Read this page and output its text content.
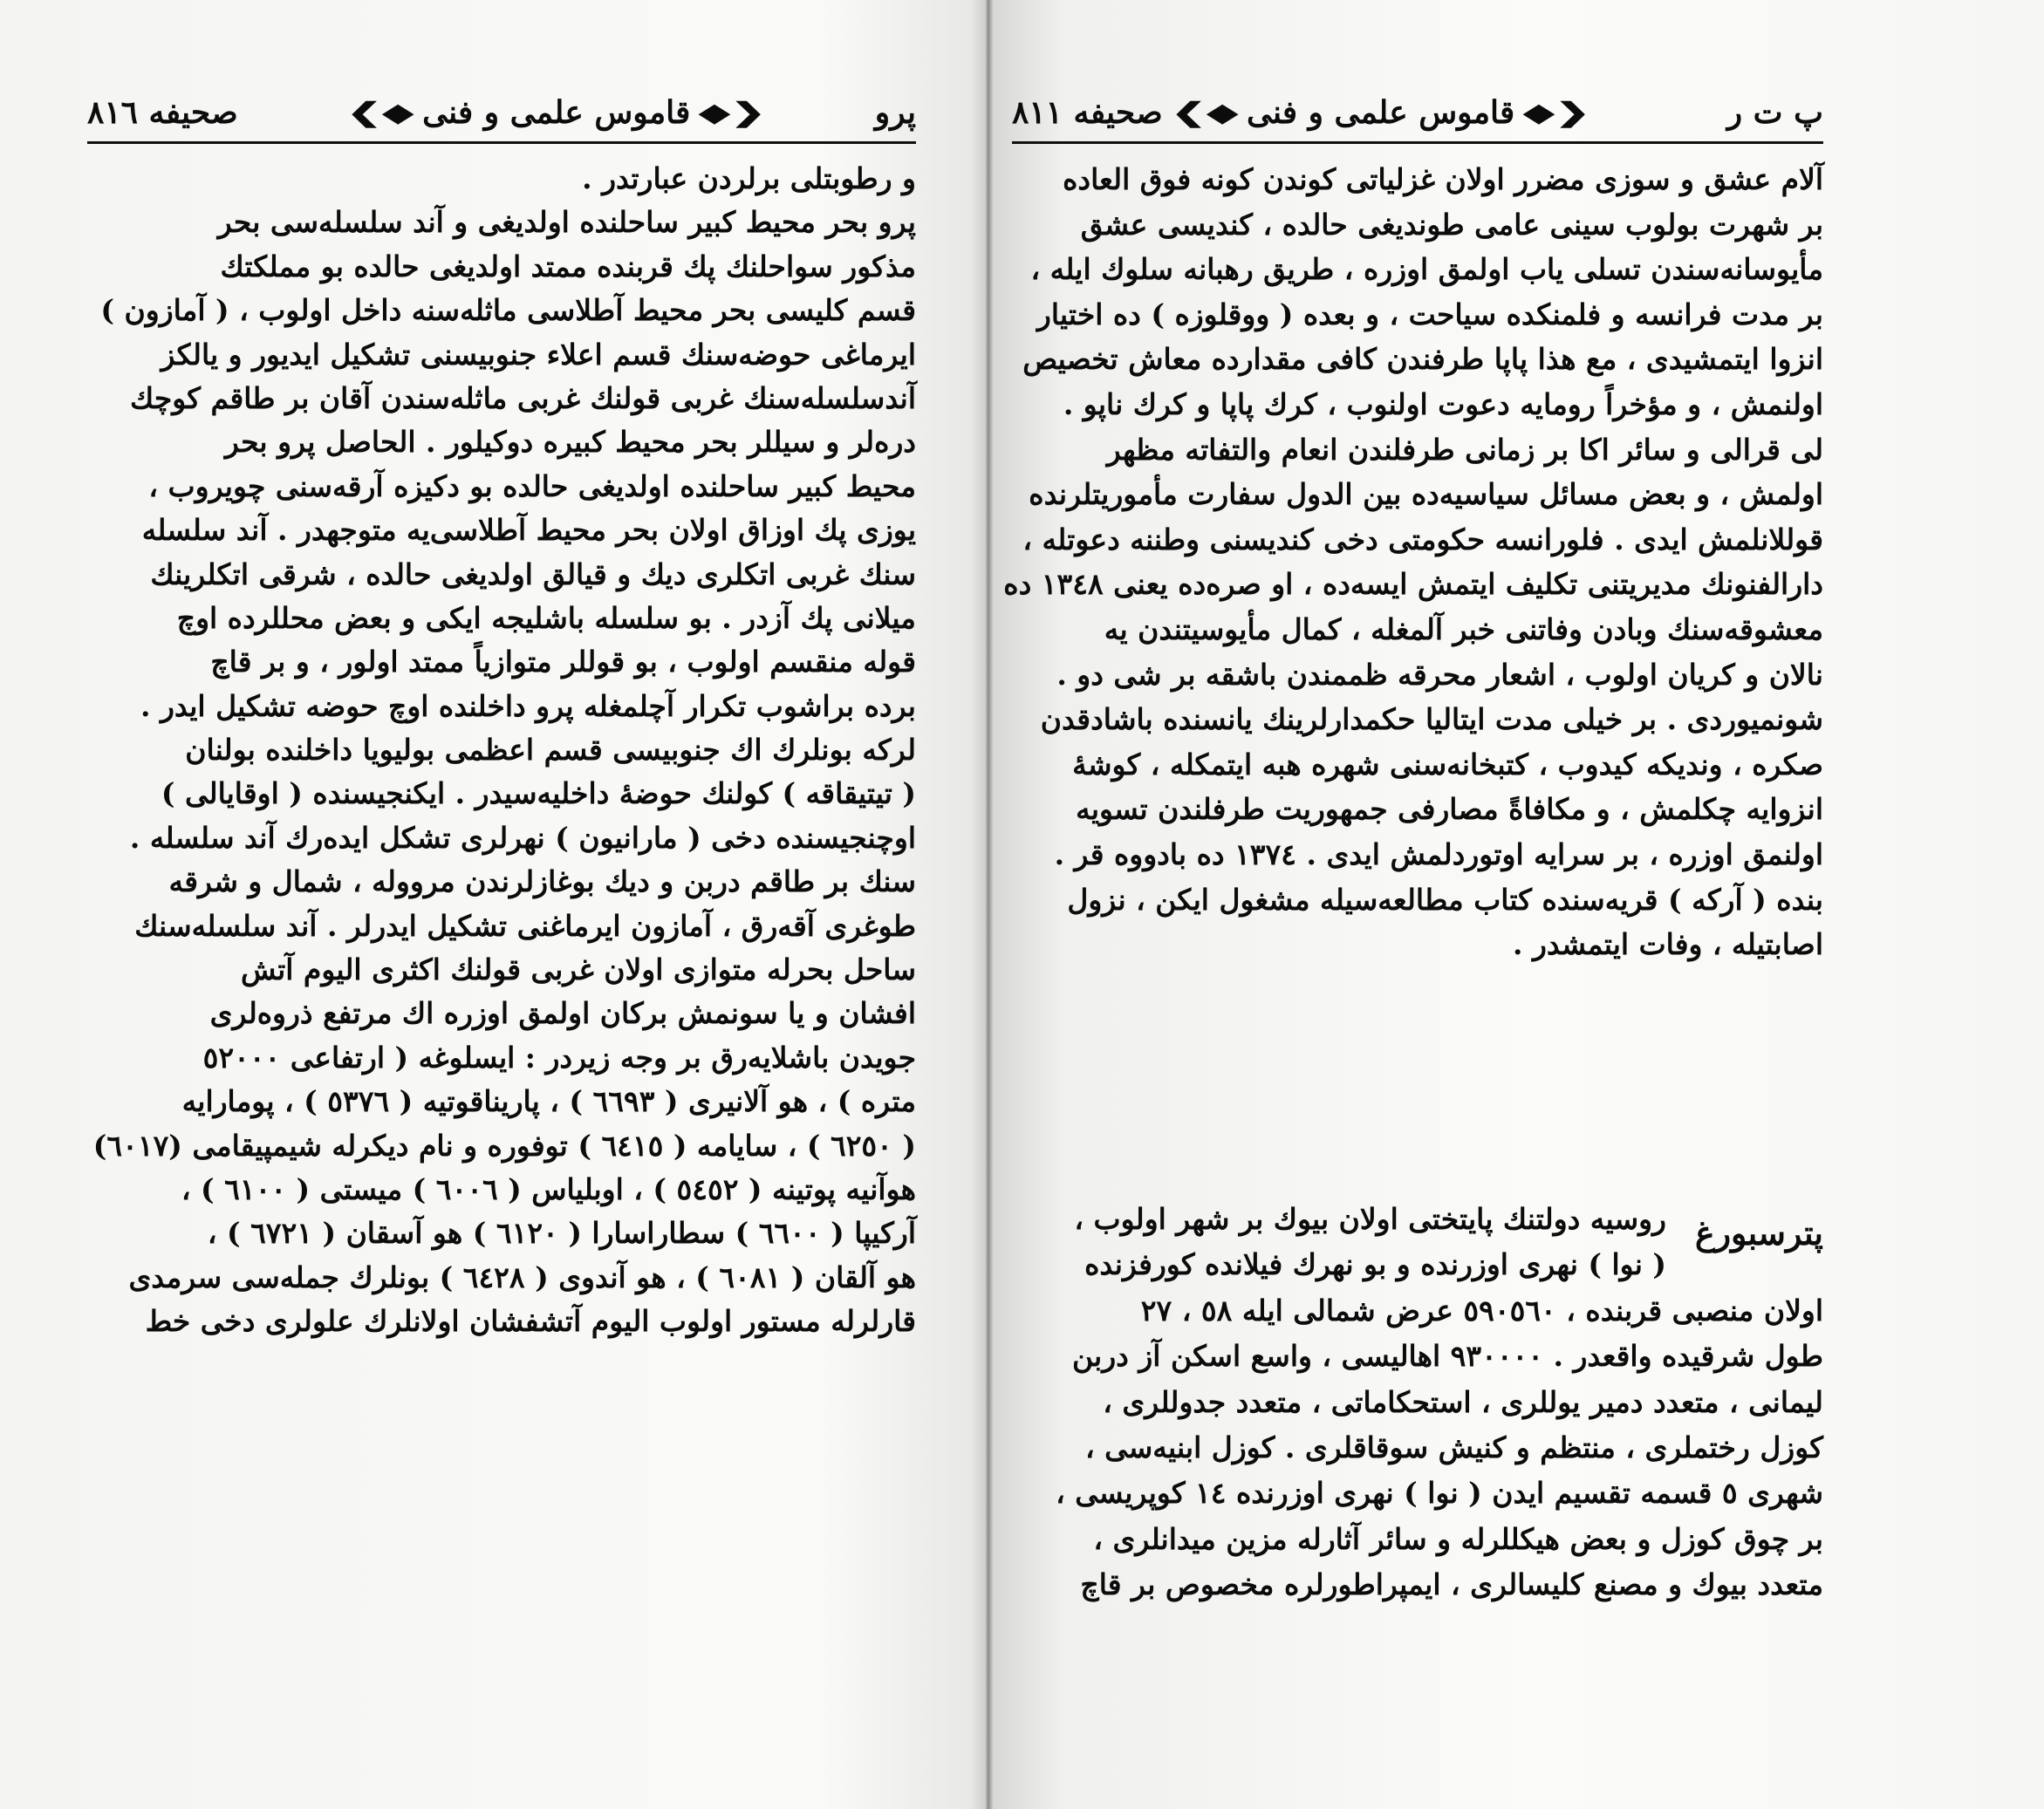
پرو
❮◆
قاموس علمی و فنی
◆❯
صحیفه ٨١٦
و رطوبتلی برلردن عبارتدر .
پرو بحر محیط کبیر ساحلنده اولدیغی و آند سلسله‌سی بحر
مذکور سواحلنك پك قربنده ممتد اولدیغی حالده بو مملکتك
قسم کلیسی بحر محیط آطلاسی ماثله‌سنه داخل اولوب ، ( آمازون )
ایرماغی حوضه‌سنك قسم اعلاء جنوبیسنی تشکیل ایدیور و یالکز
آندسلسله‌سنك غربی قولنك غربی ماثله‌سندن آقان بر طاقم کوچك
درەلر و سیللر بحر محیط کبیره دوکیلور . الحاصل پرو بحر
محیط کبیر ساحلنده اولدیغی حالده بو دکیزه آرقه‌سنی چویروب ،
یوزی پك اوزاق اولان بحر محیط آطلاسی‌یه متوجهدر . آند سلسله
سنك غربی اتکلری دیك و قیالق اولدیغی حالده ، شرقی اتکلرینك
میلانی پك آزدر . بو سلسله باشلیجه ایکی و بعض محللرده اوچ
قوله منقسم اولوب ، بو قوللر متوازیاً ممتد اولور ، و بر قاچ
برده براشوب تکرار آچلمغله پرو داخلنده اوچ حوضه تشکیل ایدر .
لرکه بونلرك اك جنوبیسی قسم اعظمی بولیویا داخلنده بولنان
( تیتیقاقه ) کولنك حوضهٔ داخلیه‌سیدر . ایکنجیسنده ( اوقایالی )
اوچنجیسنده دخی ( مارانیون ) نهرلری تشکل ایدەرك آند سلسله .
سنك بر طاقم دربن و دیك بوغازلرندن مروولە ، شمال و شرقه
طوغری آقەرق ، آمازون ایرماغنی تشکیل ایدرلر . آند سلسله‌سنك
ساحل بحرله متوازی اولان غربی قولنك اکثری الیوم آتش
افشان و یا سونمش بركان اولمق اوزره اك مرتفع ذروەلری
جویدن باشلایەرق بر وجه زیردر : ایسلوغه ( ارتفاعی ٥٢٠٠٠
متره ) ، هو آلانیری ( ٦٦٩٣ ) ، پاریناقوتیه ( ٥٣٧٦ ) ، پومارایه
( ٦٢٥٠ ) ، سایامه ( ٦٤١٥ ) توفوره و نام دیکرله شیمپیقامی (٦٠١٧)
هوآنیه پوتینه ( ٥٤٥٢ ) ، اوبلیاس ( ٦٠٠٦ ) میستی ( ٦١٠٠ ) ،
آرکیپا ( ٦٦٠٠ ) سطاراسارا ( ٦١٢٠ ) هو آسقان ( ٦٧٢١ ) ،
هو آلقان ( ٦٠٨١ ) ، هو آندوی ( ٦٤٢٨ ) بونلرك جمله‌سی سرمدی
قارلرله مستور اولوب الیوم آتشفشان اولانلرك علولری دخی خط
پ ت ر
❮◆
قاموس علمی و فنی
◆❯
صحیفه ٨١١
آلام عشق و سوزی مضرر اولان غزلیاتی کوندن کونه فوق العاده
بر شهرت بولوب سینی عامی طوندیغی حالده ، کندیسی عشق
مأیوسانه‌سندن تسلی یاب اولمق اوزره ، طریق رهبانه سلوك ایله ،
بر مدت فرانسه و فلمنکده سیاحت ، و بعده ( ووقلوزه ) ده اختیار
انزوا ایتمشیدی ، مع هذا پاپا طرفندن کافی مقدارده معاش تخصیص
اولنمش ، و مؤخراً رومایه دعوت اولنوب ، کرك پاپا و کرك ناپو .
لی قرالی و سائر اکا بر زمانی طرفلندن انعام والتفاته مظهر
اولمش ، و بعض مسائل سیاسیه‌ده بین الدول سفارت مأموریتلرنده
قوللانلمش ایدی . فلورانسه حکومتی دخی کندیسنی وطننه دعوتله ،
دارالفنونك مدیریتنی تکلیف ایتمش ایسەده ، او صرەده یعنی ١٣٤٨ ده
معشوقه‌سنك وبادن وفاتنی خبر آلمغله ، کمال مأیوسیتندن یه
نالان و کریان اولوب ، اشعار محرقه ظممندن باشقه بر شی دو .
شونمیوردی . بر خیلی مدت ایتالیا حکمدارلرینك یانسنده باشادقدن
صکره ، وندیکه کیدوب ، کتبخانه‌سنی شهره هبه ایتمکله ، کوشهٔ
انزوایه چکلمش ، و مکافاةً مصارفی جمهوریت طرفلندن تسویه
اولنمق اوزره ، بر سرایه اوتوردلمش ایدی . ١٣٧٤ ده بادووه قر .
بنده ( آرکه ) قریه‌سنده کتاب مطالعه‌سیله مشغول ایکن ، نزول
اصابتیله ، وفات ایتمشدر .
پترسبورغ
روسیه دولتنك پایتختی اولان بیوك بر شهر اولوب ،
( نوا ) نهری اوزرنده و بو نهرك فیلانده کورفزنده
اولان منصبی قربنده ، ٥٩٠٥٦٠ عرض شمالی ایله ٥٨ ، ٢٧
طول شرقیده واقعدر . ٩٣٠٠٠٠ اهالیسی ، واسع اسکن آز دربن
لیمانی ، متعدد دمیر یوللری ، استحکاماتی ، متعدد جدوللری ،
کوزل رختملری ، منتظم و کنیش سوقاقلری . کوزل ابنیه‌سی ،
شهری ٥ قسمه تقسیم ایدن ( نوا ) نهری اوزرنده ١٤ کوپریسی ،
بر چوق کوزل و بعض هیکللرله و سائر آثارله مزین میدانلری ،
متعدد بیوك و مصنع کلیسالری ، ایمپراطورلره مخصوص بر قاچ
